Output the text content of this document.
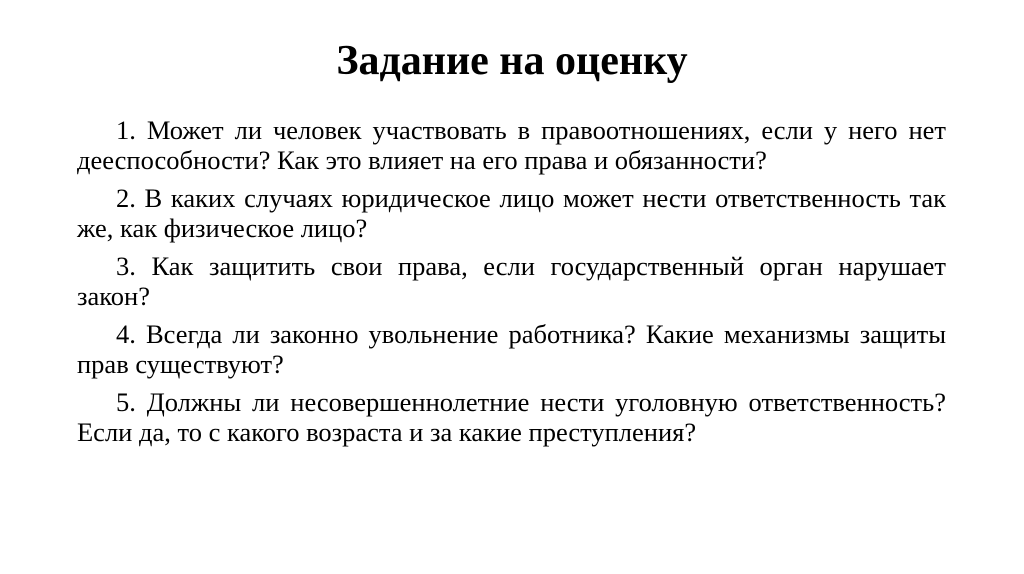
Задание на оценку

1. Может ли человек участвовать в правоотношениях, если у него нет дееспособности? Как это влияет на его права и обязанности?

2. В каких случаях юридическое лицо может нести ответственность так же, как физическое лицо?

3. Как защитить свои права, если государственный орган нарушает закон?

4. Всегда ли законно увольнение работника? Какие механизмы защиты прав существуют?

5. Должны ли несовершеннолетние нести уголовную ответственность? Если да, то с какого возраста и за какие преступления?
